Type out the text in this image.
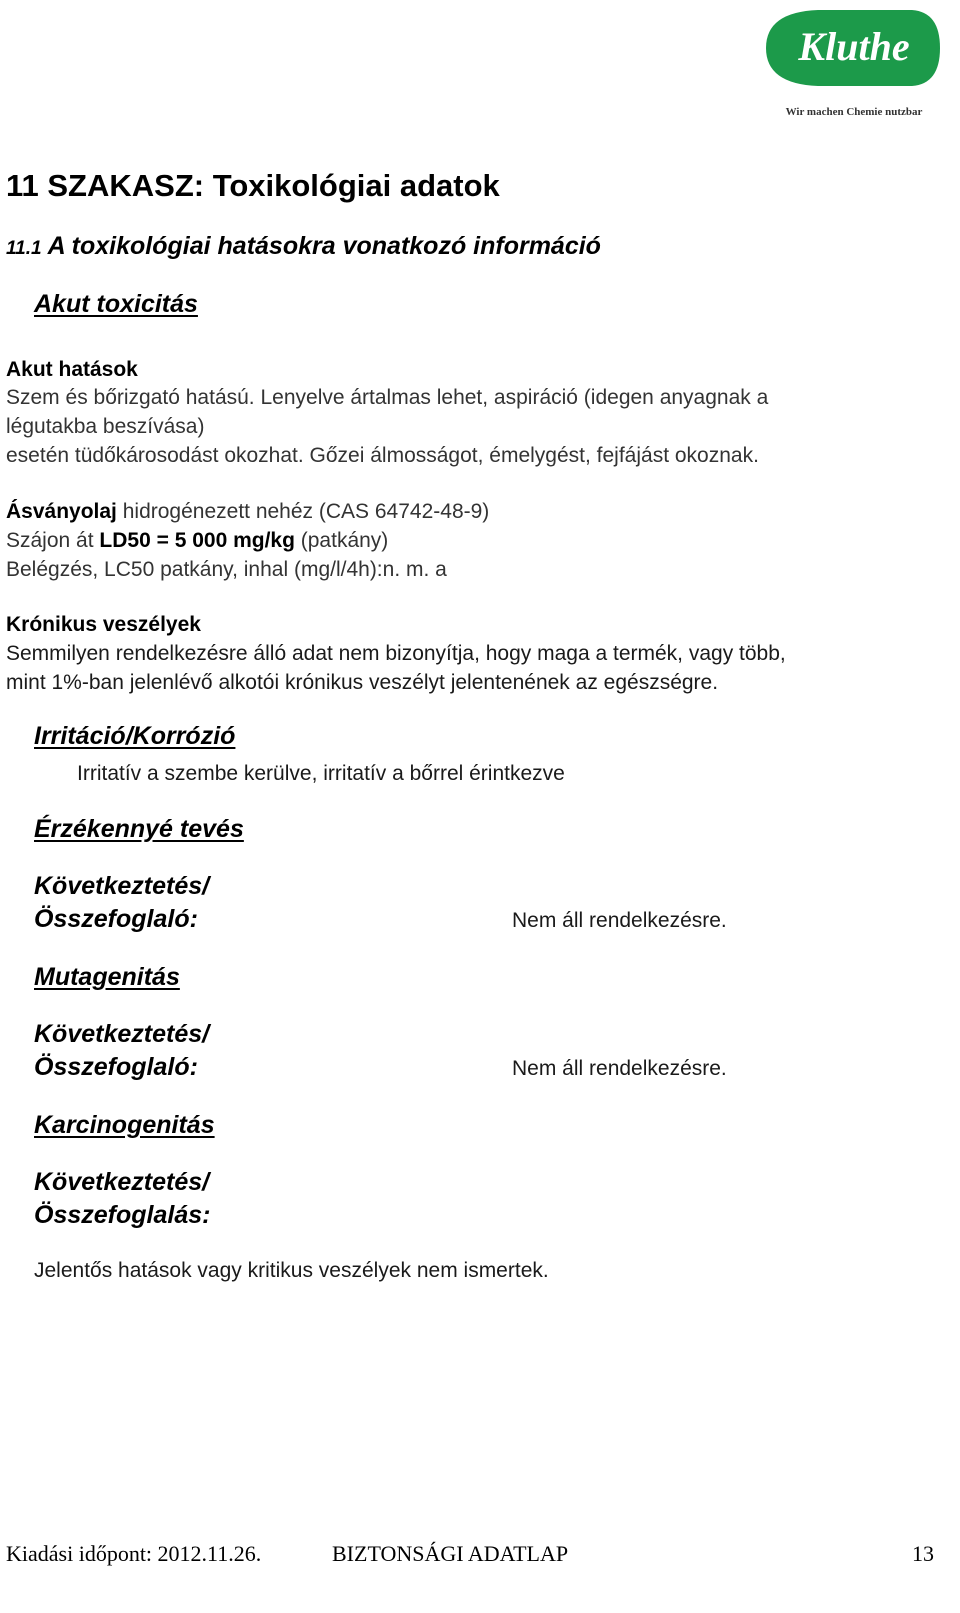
Kluthe
Wir machen Chemie nutzbar
11 SZAKASZ: Toxikológiai adatok
11.1 A toxikológiai hatásokra vonatkozó információ
Akut toxicitás
Akut hatások
Szem és bőrizgató hatású. Lenyelve ártalmas lehet, aspiráció (idegen anyagnak a
légutakba beszívása)
esetén tüdőkárosodást okozhat. Gőzei álmosságot, émelygést, fejfájást okoznak.
Ásványolaj hidrogénezett nehéz (CAS 64742-48-9)
Szájon át LD50 = 5 000 mg/kg (patkány)
Belégzés, LC50 patkány, inhal (mg/l/4h):n. m. a
Krónikus veszélyek
Semmilyen rendelkezésre álló adat nem bizonyítja, hogy maga a termék, vagy több,
mint 1%-ban jelenlévő alkotói krónikus veszélyt jelentenének az egészségre.
Irritáció/Korrózió
Irritatív a szembe kerülve, irritatív a bőrrel érintkezve
Érzékennyé tevés
Következtetés/
Összefoglaló:	Nem áll rendelkezésre.
Mutagenitás
Következtetés/
Összefoglaló:	Nem áll rendelkezésre.
Karcinogenitás
Következtetés/
Összefoglalás:
Jelentős hatások vagy kritikus veszélyek nem ismertek.
Kiadási időpont: 2012.11.26.	BIZTONSÁGI ADATLAP	13
